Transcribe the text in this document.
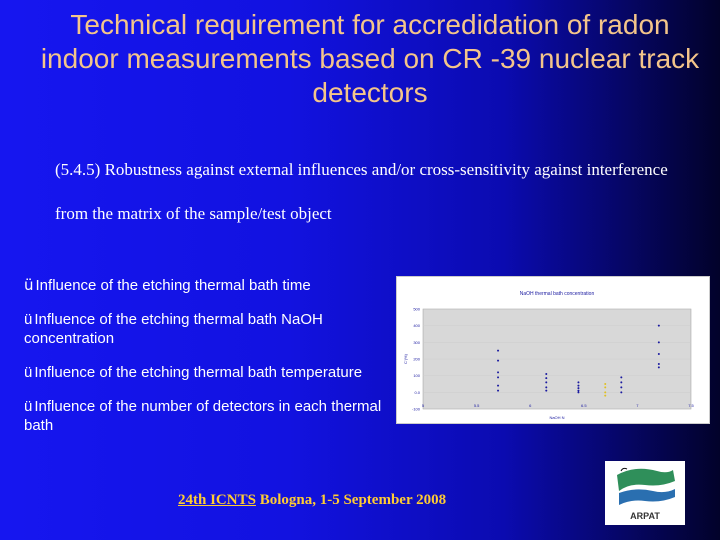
Technical requirement for accredidation of radon indoor measurements based on CR -39 nuclear track detectors
(5.4.5) Robustness against external influences and/or cross-sensitivity against interference from the matrix of the sample/test object
ü Influence of the etching thermal bath time
ü Influence of the etching thermal bath NaOH concentration
ü Influence of the etching thermal bath temperature
ü Influence of the number of detectors in each thermal bath
NaOH thermal bath concentration
NaOH N
C'(%)
500
400
300
200
100
0.0
-100
5	5.5	6	6.5	7	7.5
24th ICNTS Bologna, 1-5 September 2008
ARPAT
